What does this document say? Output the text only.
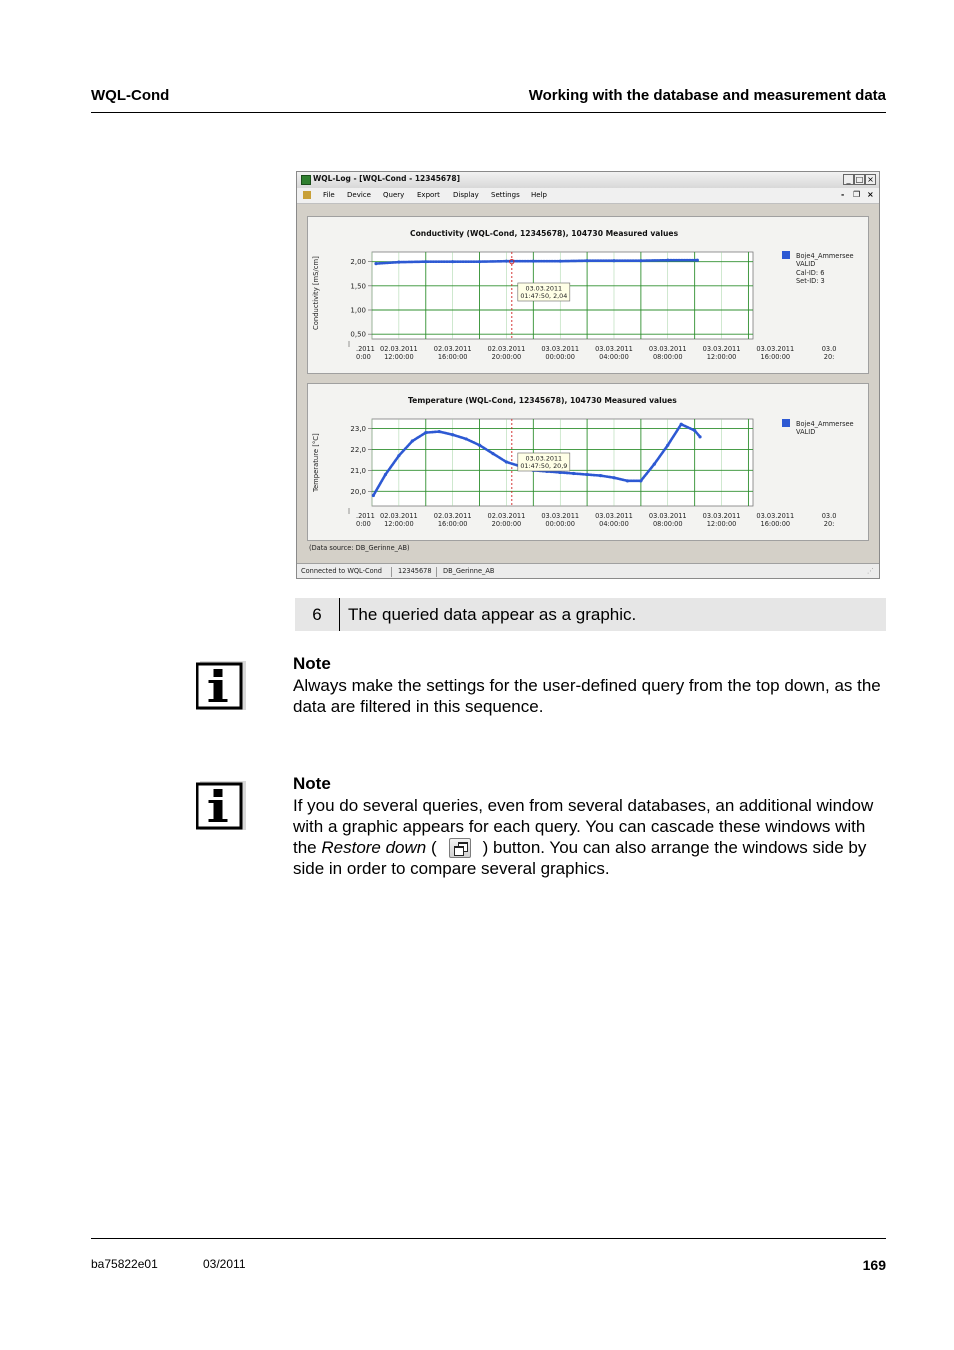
WQL-Cond	Working with the database and measurement data
WQL-Log - [WQL-Cond - 12345678]	_ □ ×
File Device Query Export Display Settings Help	- ❐ ×
Conductivity (WQL-Cond, 12345678), 104730 Measured values
Conductivity [mS/cm]
Boje4_Ammersee
VALID
Cal-ID: 6
Set-ID: 3
2,00
1,50
1,00
0,50
.2011
0:00
02.03.2011
12:00:00
02.03.2011
16:00:00
02.03.2011
20:00:00
03.03.2011
00:00:00
03.03.2011
04:00:00
03.03.2011
08:00:00
03.03.2011
12:00:00
03.03.2011
16:00:00
03.0
20:
03.03.2011
01:47:50, 2,04
Temperature (WQL-Cond, 12345678), 104730 Measured values
Temperature [°C]
Boje4_Ammersee
VALID
23,0
22,0
21,0
20,0
.2011
0:00
02.03.2011
12:00:00
02.03.2011
16:00:00
02.03.2011
20:00:00
03.03.2011
00:00:00
03.03.2011
04:00:00
03.03.2011
08:00:00
03.03.2011
12:00:00
03.03.2011
16:00:00
03.0
20:
03.03.2011
01:47:50, 20,9
(Data source: DB_Gerinne_AB)
Connected to WQL-Cond 12345678 DB_Gerinne_AB	⋰
6	The queried data appear as a graphic.
Note
Always make the settings for the user-defined query from the top down, as the data are filtered in this sequence.
Note
If you do several queries, even from several databases, an additional window with a graphic appears for each query. You can cascade these windows with the Restore down (	) button. You can also arrange the windows side by side in order to compare several graphics.
ba75822e01	03/2011	169
